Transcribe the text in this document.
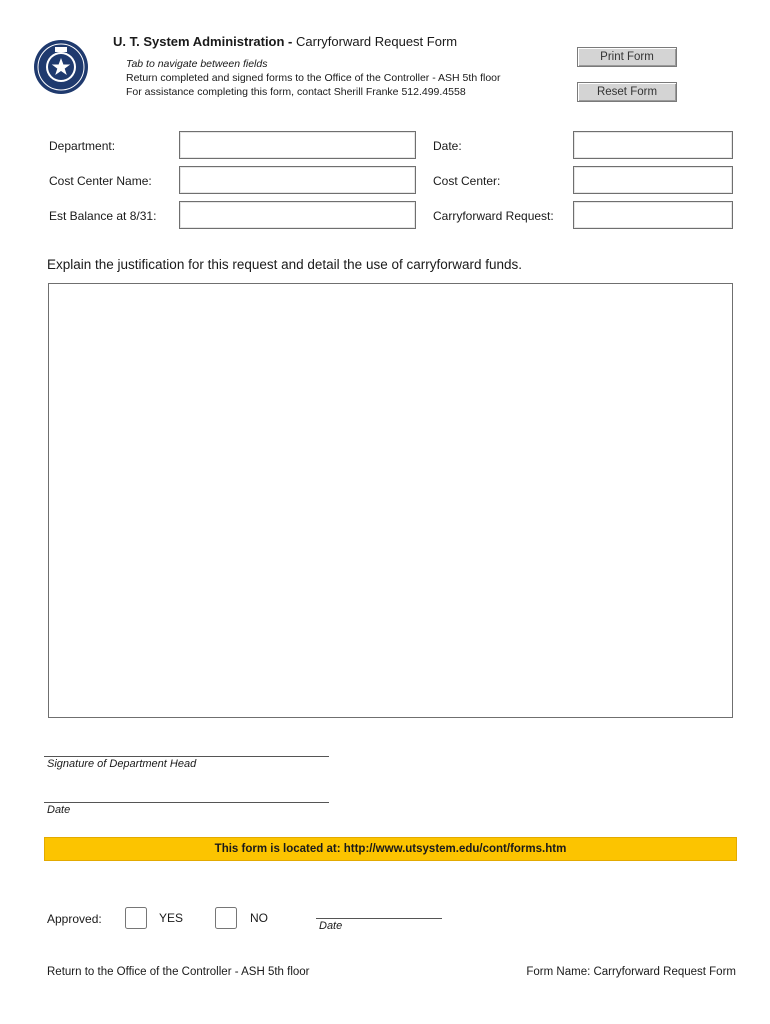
U. T. System Administration - Carryforward Request Form
Tab to navigate between fields
Return completed and signed forms to the Office of the Controller - ASH 5th floor
For assistance completing this form, contact Sherill Franke 512.499.4558
Print Form
Reset Form
Department:	Date:
Cost Center Name:	Cost Center:
Est Balance at 8/31:	Carryforward Request:
Explain the justification for this request and detail the use of carryforward funds.
Signature of Department Head
Date
This form is located at: http://www.utsystem.edu/cont/forms.htm
Approved:	YES	NO
Date
Return to the Office of the Controller - ASH 5th floor	Form Name: Carryforward Request Form
